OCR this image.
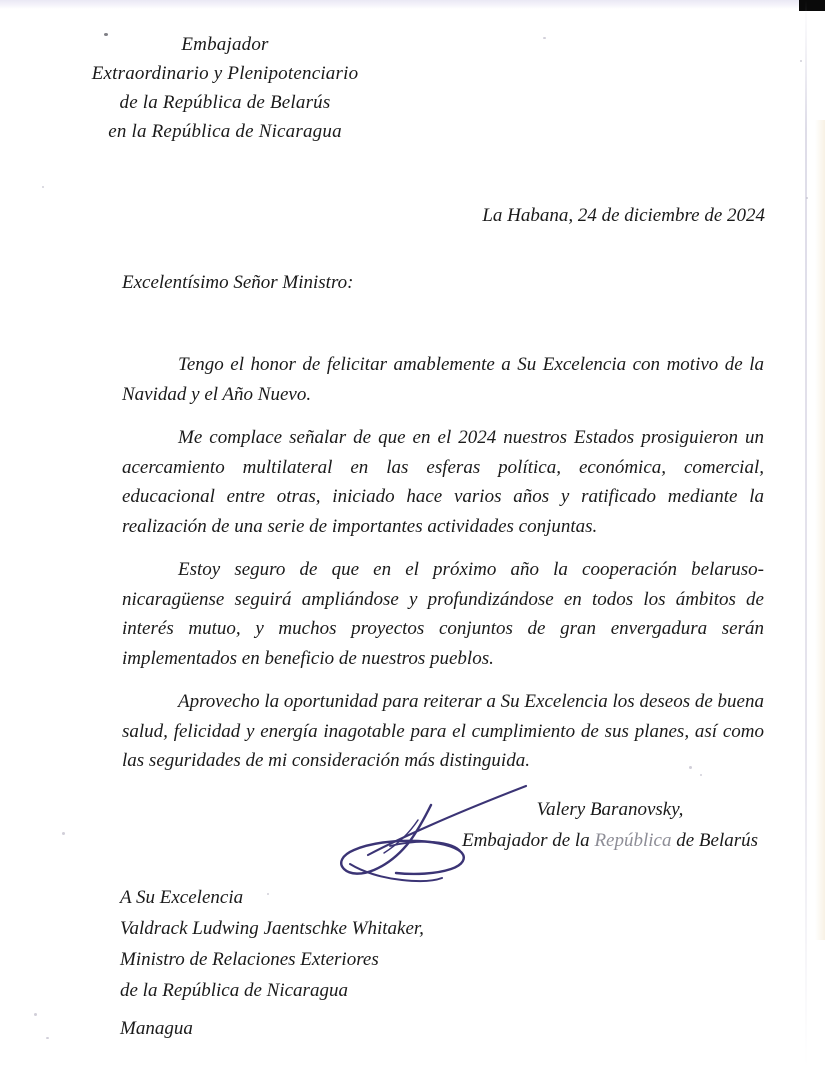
Embajador
Extraordinario y Plenipotenciario
de la República de Belarús
en la República de Nicaragua
La Habana, 24 de diciembre de 2024
Excelentísimo Señor Ministro:

Tengo el honor de felicitar amablemente a Su Excelencia con motivo de la Navidad y el Año Nuevo.

Me complace señalar de que en el 2024 nuestros Estados prosiguieron un acercamiento multilateral en las esferas política, económica, comercial, educacional entre otras, iniciado hace varios años y ratificado mediante la realización de una serie de importantes actividades conjuntas.

Estoy seguro de que en el próximo año la cooperación belaruso-nicaragüense seguirá ampliándose y profundizándose en todos los ámbitos de interés mutuo, y muchos proyectos conjuntos de gran envergadura serán implementados en beneficio de nuestros pueblos.

Aprovecho la oportunidad para reiterar a Su Excelencia los deseos de buena salud, felicidad y energía inagotable para el cumplimiento de sus planes, así como las seguridades de mi consideración más distinguida.

Valery Baranovsky,
Embajador de la República de Belarús
A Su Excelencia
Valdrack Ludwing Jaentschke Whitaker,
Ministro de Relaciones Exteriores
de la República de Nicaragua
Managua
